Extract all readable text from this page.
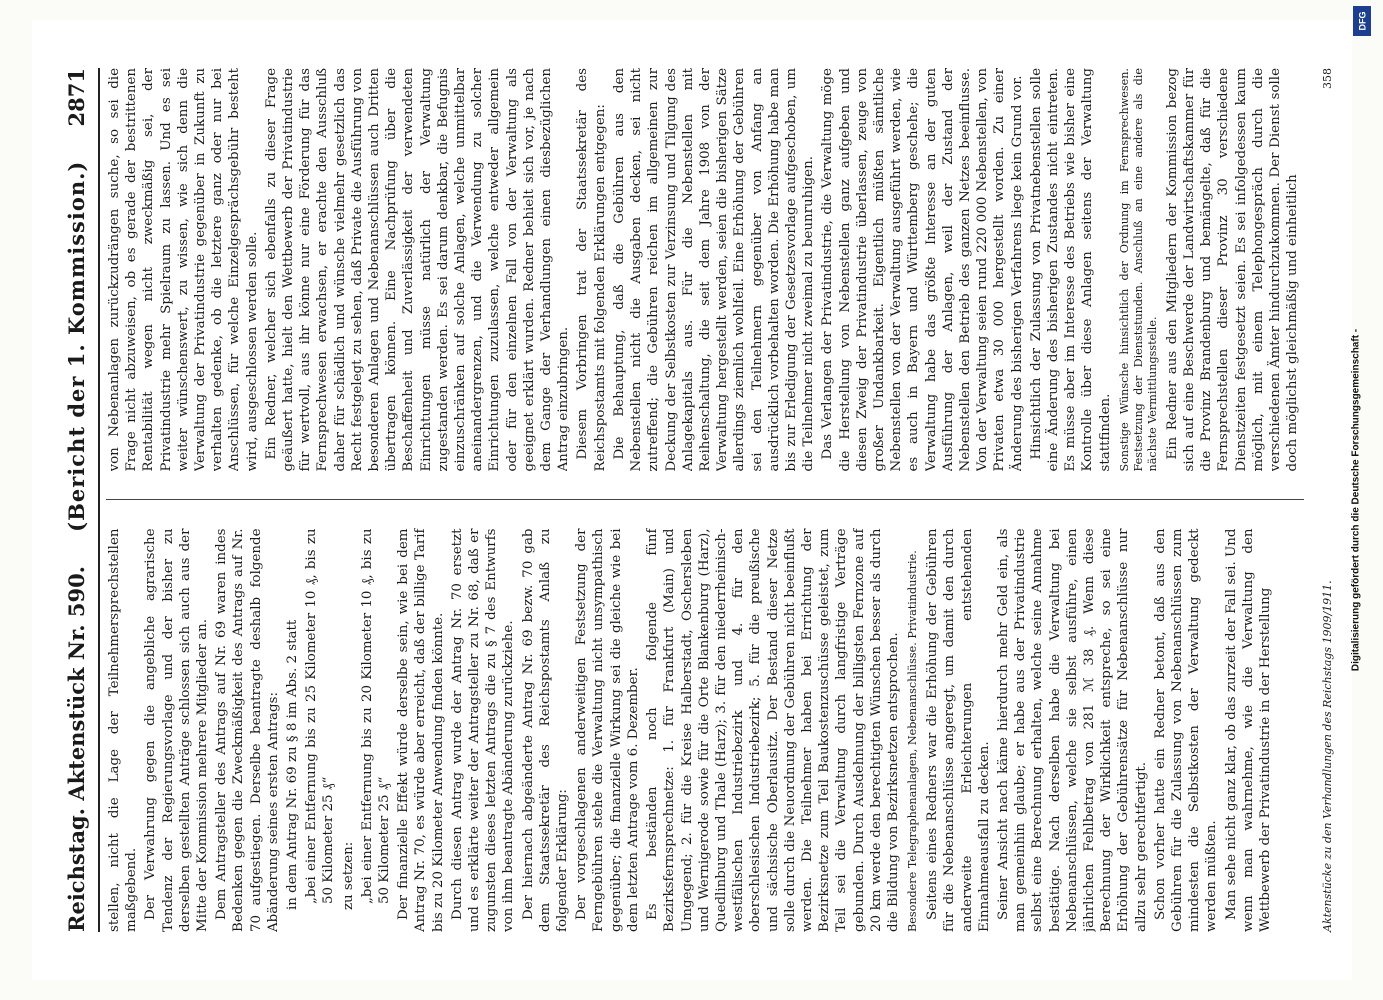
Reichstag. Aktenstück Nr. 590.
(Bericht der 1. Kommission.)
2871

stellen, nicht die Lage der Teilnehmersprechstellen maßgebend. Der Verwahrung gegen die angebliche agrarische Tendenz der Regierungsvorlage und der bisher zu derselben gestellten Anträge schlossen sich auch aus der Mitte der Kommission mehrere Mitglieder an. Dem Antragsteller des Antrags auf Nr. 69 waren indes Bedenken gegen die Zweckmäßigkeit des Antrags auf Nr. 70 aufgestiegen. Derselbe beantragte deshalb folgende Abänderung seines ersten Antrags: in dem Antrag Nr. 69 zu § 8 im Abs. 2 statt „bei einer Entfernung bis zu 25 Kilometer 10 ₰, bis zu 50 Kilometer 25 ₰“ zu setzen: „bei einer Entfernung bis zu 20 Kilometer 10 ₰, bis zu 50 Kilometer 25 ₰“ Der finanzielle Effekt würde derselbe sein, wie bei dem Antrag Nr. 70, es würde aber erreicht, daß der billige Tarif bis zu 20 Kilometer Anwendung finden könnte. Durch diesen Antrag wurde der Antrag Nr. 70 ersetzt und es erklärte weiter der Antragsteller zu Nr. 68, daß er zugunsten dieses letzten Antrags die zu § 7 des Entwurfs von ihm beantragte Abänderung zurückziehe. Der hiernach abgeänderte Antrag Nr. 69 bezw. 70 gab dem Staatssekretär des Reichspostamts Anlaß zu folgender Erklärung: Der vorgeschlagenen anderweitigen Festsetzung der Ferngebühren stehe die Verwaltung nicht unsympathisch gegenüber; die finanzielle Wirkung sei die gleiche wie bei dem letzten Antrage vom 6. Dezember. Es beständen noch folgende fünf Bezirksfernsprechnetze: 1. für Frankfurt (Main) und Umgegend; 2. für die Kreise Halberstadt, Oschersleben und Wernigerode sowie für die Orte Blankenburg (Harz), Quedlinburg und Thale (Harz); 3. für den niederrheinisch-westfälischen Industriebezirk und 4. für den oberschlesischen Industriebezirk; 5. für die preußische und sächsische Oberlausitz. Der Bestand dieser Netze solle durch die Neuordnung der Gebühren nicht beeinflußt werden. Die Teilnehmer haben bei Errichtung der Bezirksnetze zum Teil Baukostenzuschüsse geleistet, zum Teil sei die Verwaltung durch langfristige Verträge gebunden. Durch Ausdehnung der billigsten Fernzone auf 20 km werde den berechtigten Wünschen besser als durch die Bildung von Bezirksnetzen entsprochen. Besondere Telegraphenanlagen, Nebenanschlüsse. Privatindustrie. Seitens eines Redners war die Erhöhung der Gebühren für die Nebenanschlüsse angeregt, um damit den durch anderweite Erleichterungen entstehenden Einnahmeausfall zu decken. Seiner Ansicht nach käme hierdurch mehr Geld ein, als man gemeinhin glaube; er habe aus der Privatindustrie selbst eine Berechnung erhalten, welche seine Annahme bestätige. Nach derselben habe die Verwaltung bei Nebenanschlüssen, welche sie selbst ausführe, einen jährlichen Fehlbetrag von 281 ℳ 38 ₰. Wenn diese Berechnung der Wirklichkeit entspreche, so sei eine Erhöhung der Gebührensätze für Nebenanschlüsse nur allzu sehr gerechtfertigt. Schon vorher hatte ein Redner betont, daß aus den Gebühren für die Zulassung von Nebenanschlüssen zum mindesten die Selbstkosten der Verwaltung gedeckt werden müßten. Man sehe nicht ganz klar, ob das zurzeit der Fall sei. Und wenn man wahrnehme, wie die Verwaltung den Wettbewerb der Privatindustrie in der Herstellung

von Nebenanlagen zurückzudrängen suche, so sei die Frage nicht abzuweisen, ob es gerade der bestrittenen Rentabilität wegen nicht zweckmäßig sei, der Privatindustrie mehr Spielraum zu lassen. Und es sei weiter wünschenswert, zu wissen, wie sich denn die Verwaltung der Privatindustrie gegenüber in Zukunft zu verhalten gedenke, ob die letztere ganz oder nur bei Anschlüssen, für welche Einzelgesprächsgebühr besteht wird, ausgeschlossen werden solle. Ein Redner, welcher sich ebenfalls zu dieser Frage geäußert hatte, hielt den Wettbewerb der Privatindustrie für wertvoll, aus ihr könne nur eine Förderung für das Fernsprechwesen erwachsen, er erachte den Ausschluß daher für schädlich und wünsche vielmehr gesetzlich das Recht festgelegt zu sehen, daß Private die Ausführung von besonderen Anlagen und Nebenanschlüssen auch Dritten übertragen können. Eine Nachprüfung über die Beschaffenheit und Zuverlässigkeit der verwendeten Einrichtungen müsse natürlich der Verwaltung zugestanden werden. Es sei darum denkbar, die Befugnis einzuschränken auf solche Anlagen, welche unmittelbar aneinandergrenzen, und die Verwendung zu solcher Einrichtungen zuzulassen, welche entweder allgemein oder für den einzelnen Fall von der Verwaltung als geeignet erklärt wurden. Redner behielt sich vor, je nach dem Gange der Verhandlungen einen diesbezüglichen Antrag einzubringen. Diesem Vorbringen trat der Staatssekretär des Reichspostamts mit folgenden Erklärungen entgegen: Die Behauptung, daß die Gebühren aus den Nebenstellen nicht die Ausgaben decken, sei nicht zutreffend; die Gebühren reichen im allgemeinen zur Deckung der Selbstkosten zur Verzinsung und Tilgung des Anlagekapitals aus. Für die Nebenstellen mit Reihenschaltung, die seit dem Jahre 1908 von der Verwaltung hergestellt werden, seien die bisherigen Sätze allerdings ziemlich wohlfeil. Eine Erhöhung der Gebühren sei den Teilnehmern gegenüber von Anfang an ausdrücklich vorbehalten worden. Die Erhöhung habe man bis zur Erledigung der Gesetzesvorlage aufgeschoben, um die Teilnehmer nicht zweimal zu beunruhigen. Das Verlangen der Privatindustrie, die Verwaltung möge die Herstellung von Nebenstellen ganz aufgeben und diesen Zweig der Privatindustrie überlassen, zeuge von großer Undankbarkeit. Eigentlich müßten sämtliche Nebenstellen von der Verwaltung ausgeführt werden, wie es auch in Bayern und Württemberg geschehe; die Verwaltung habe das größte Interesse an der guten Ausführung der Anlagen, weil der Zustand der Nebenstellen den Betrieb des ganzen Netzes beeinflusse. Von der Verwaltung seien rund 220 000 Nebenstellen, von Privaten etwa 30 000 hergestellt worden. Zu einer Änderung des bisherigen Verfahrens liege kein Grund vor. Hinsichtlich der Zulassung von Privatnebenstellen solle eine Änderung des bisherigen Zustandes nicht eintreten. Es müsse aber im Interesse des Betriebs wie bisher eine Kontrolle über diese Anlagen seitens der Verwaltung stattfinden. Sonstige Wünsche hinsichtlich der Ordnung im Fernsprechwesen. Festsetzung der Dienststunden. Anschluß an eine andere als die nächste Vermittlungsstelle. Ein Redner aus den Mitgliedern der Kommission bezog sich auf eine Beschwerde der Landwirtschaftskammer für die Provinz Brandenburg und bemängelte, daß für die Fernsprechstellen dieser Provinz 30 verschiedene Dienstzeiten festgesetzt seien. Es sei infolgedessen kaum möglich, mit einem Telephongespräch durch die verschiedenen Ämter hindurchzukommen. Der Dienst solle doch möglichst gleichmäßig und einheitlich

Aktenstücke zu den Verhandlungen des Reichstags 1909/1911.
358
DFG
Digitalisierung gefördert durch die Deutsche Forschungsgemeinschaft -
